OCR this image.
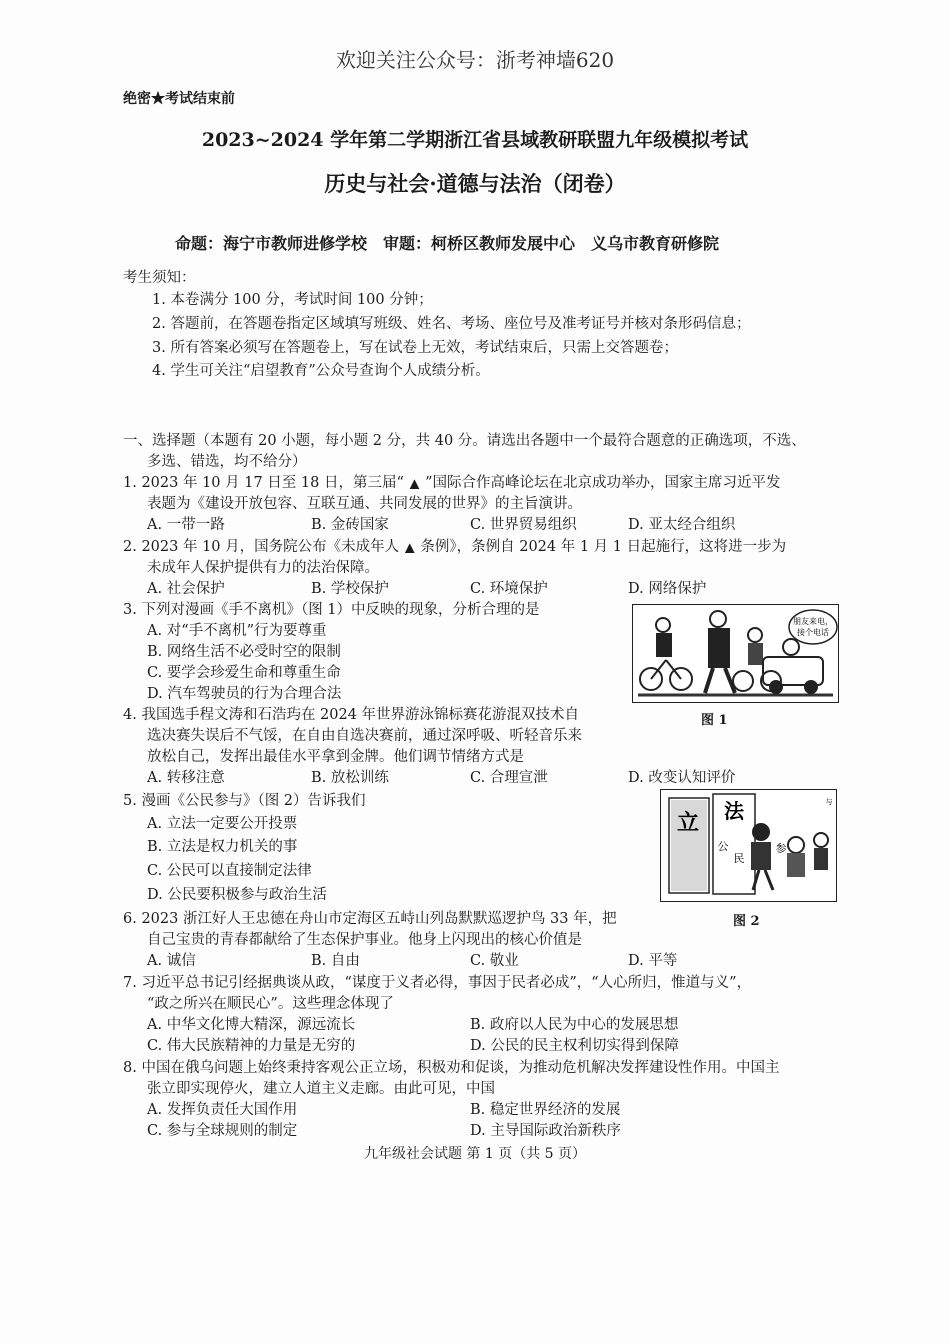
欢迎关注公众号：浙考神墙620
绝密★考试结束前
2023~2024 学年第二学期浙江省县域教研联盟九年级模拟考试
历史与社会·道德与法治（闭卷）
命题：海宁市教师进修学校　审题：柯桥区教师发展中心　义乌市教育研修院
考生须知：
1. 本卷满分 100 分，考试时间 100 分钟；
2. 答题前，在答题卷指定区域填写班级、姓名、考场、座位号及准考证号并核对条形码信息；
3. 所有答案必须写在答题卷上，写在试卷上无效，考试结束后，只需上交答题卷；
4. 学生可关注“启望教育”公众号查询个人成绩分析。
一、选择题（本题有 20 小题，每小题 2 分，共 40 分。请选出各题中一个最符合题意的正确选项，不选、
多选、错选，均不给分）
1. 2023 年 10 月 17 日至 18 日，第三届“ ▲ ”国际合作高峰论坛在北京成功举办，国家主席习近平发
表题为《建设开放包容、互联互通、共同发展的世界》的主旨演讲。
A. 一带一路	B. 金砖国家	C. 世界贸易组织	D. 亚太经合组织
2. 2023 年 10 月，国务院公布《未成年人 ▲ 条例》，条例自 2024 年 1 月 1 日起施行，这将进一步为
未成年人保护提供有力的法治保障。
A. 社会保护	B. 学校保护	C. 环境保护	D. 网络保护
3. 下列对漫画《手不离机》（图 1）中反映的现象，分析合理的是
A. 对“手不离机”行为要尊重
B. 网络生活不必受时空的限制
C. 要学会珍爱生命和尊重生命
D. 汽车驾驶员的行为合理合法
朋友来电，
接个电话
图 1
4. 我国选手程文涛和石浩玙在 2024 年世界游泳锦标赛花游混双技术自
选决赛失误后不气馁，在自由自选决赛前，通过深呼吸、听轻音乐来
放松自己，发挥出最佳水平拿到金牌。他们调节情绪方式是
A. 转移注意	B. 放松训练	C. 合理宣泄	D. 改变认知评价
5. 漫画《公民参与》（图 2）告诉我们
A. 立法一定要公开投票
B. 立法是权力机关的事
C. 公民可以直接制定法律
D. 公民要积极参与政治生活
立 法
公
民
参
与
图 2
6. 2023 浙江好人王忠德在舟山市定海区五峙山列岛默默巡逻护鸟 33 年，把
自己宝贵的青春都献给了生态保护事业。他身上闪现出的核心价值是
A. 诚信	B. 自由	C. 敬业	D. 平等
7. 习近平总书记引经据典谈从政，“谋度于义者必得，事因于民者必成”，“人心所归，惟道与义”，
“政之所兴在顺民心”。这些理念体现了
A. 中华文化博大精深，源远流长	B. 政府以人民为中心的发展思想
C. 伟大民族精神的力量是无穷的	D. 公民的民主权利切实得到保障
8. 中国在俄乌问题上始终秉持客观公正立场，积极劝和促谈，为推动危机解决发挥建设性作用。中国主
张立即实现停火，建立人道主义走廊。由此可见，中国
A. 发挥负责任大国作用	B. 稳定世界经济的发展
C. 参与全球规则的制定	D. 主导国际政治新秩序
九年级社会试题 第 1 页（共 5 页）
